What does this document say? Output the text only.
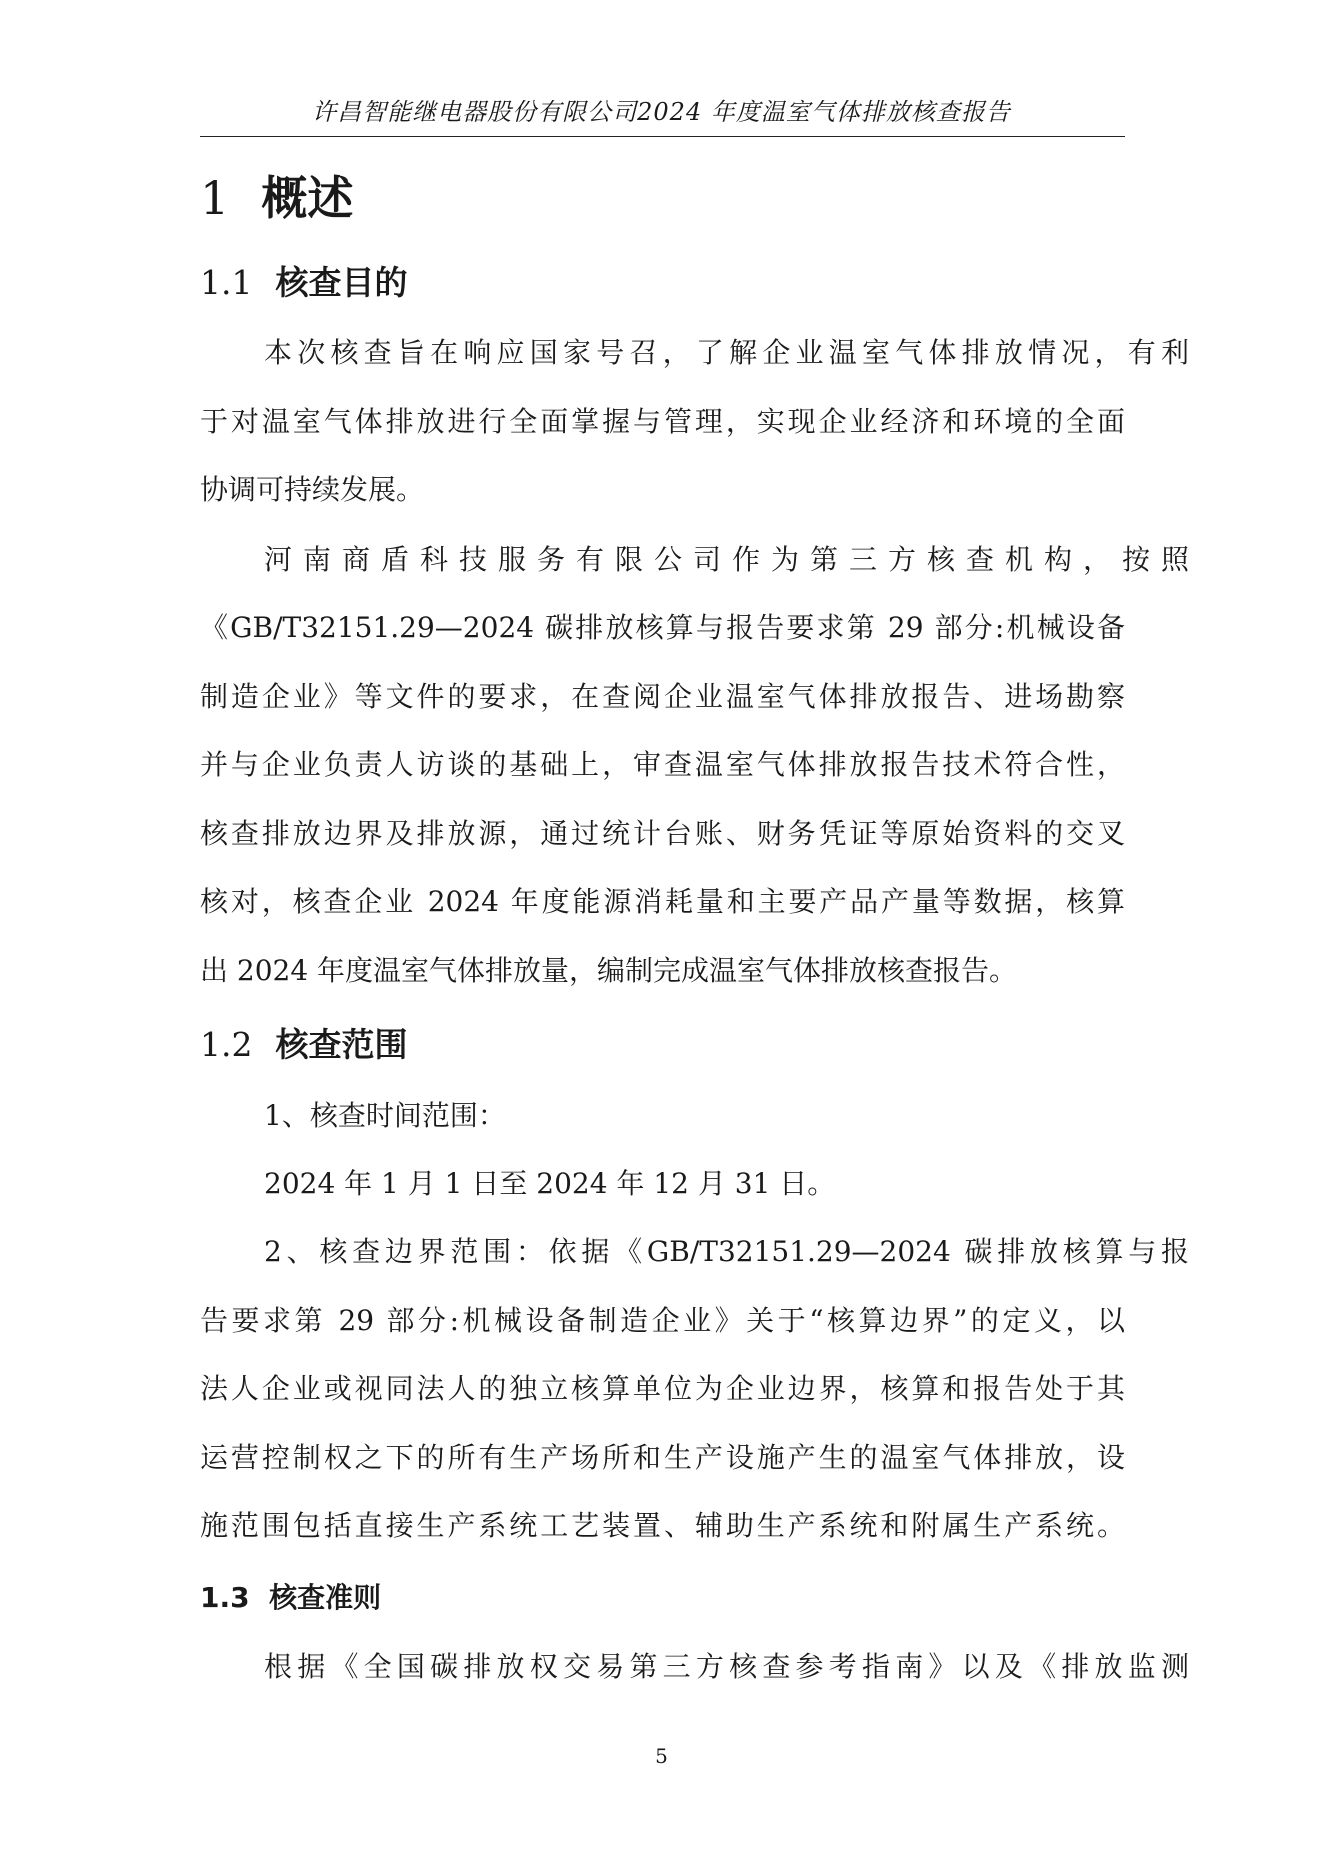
许昌智能继电器股份有限公司2024 年度温室气体排放核查报告
1 概述
1.1 核查目的
本次核查旨在响应国家号召，了解企业温室气体排放情况，有利
于对温室气体排放进行全面掌握与管理，实现企业经济和环境的全面
协调可持续发展。
河南商盾科技服务有限公司作为第三方核查机构，按照
《GB/T32151.29—2024 碳排放核算与报告要求第 29 部分:机械设备
制造企业》等文件的要求，在查阅企业温室气体排放报告、进场勘察
并与企业负责人访谈的基础上，审查温室气体排放报告技术符合性，
核查排放边界及排放源，通过统计台账、财务凭证等原始资料的交叉
核对，核查企业 2024 年度能源消耗量和主要产品产量等数据，核算
出 2024 年度温室气体排放量，编制完成温室气体排放核查报告。
1.2 核查范围
1、核查时间范围：
2024 年 1 月 1 日至 2024 年 12 月 31 日。
2、核查边界范围：依据《GB/T32151.29—2024 碳排放核算与报
告要求第 29 部分:机械设备制造企业》关于“核算边界”的定义，以
法人企业或视同法人的独立核算单位为企业边界，核算和报告处于其
运营控制权之下的所有生产场所和生产设施产生的温室气体排放，设
施范围包括直接生产系统工艺装置、辅助生产系统和附属生产系统。
1.3 核查准则
根据《全国碳排放权交易第三方核查参考指南》以及《排放监测
5
